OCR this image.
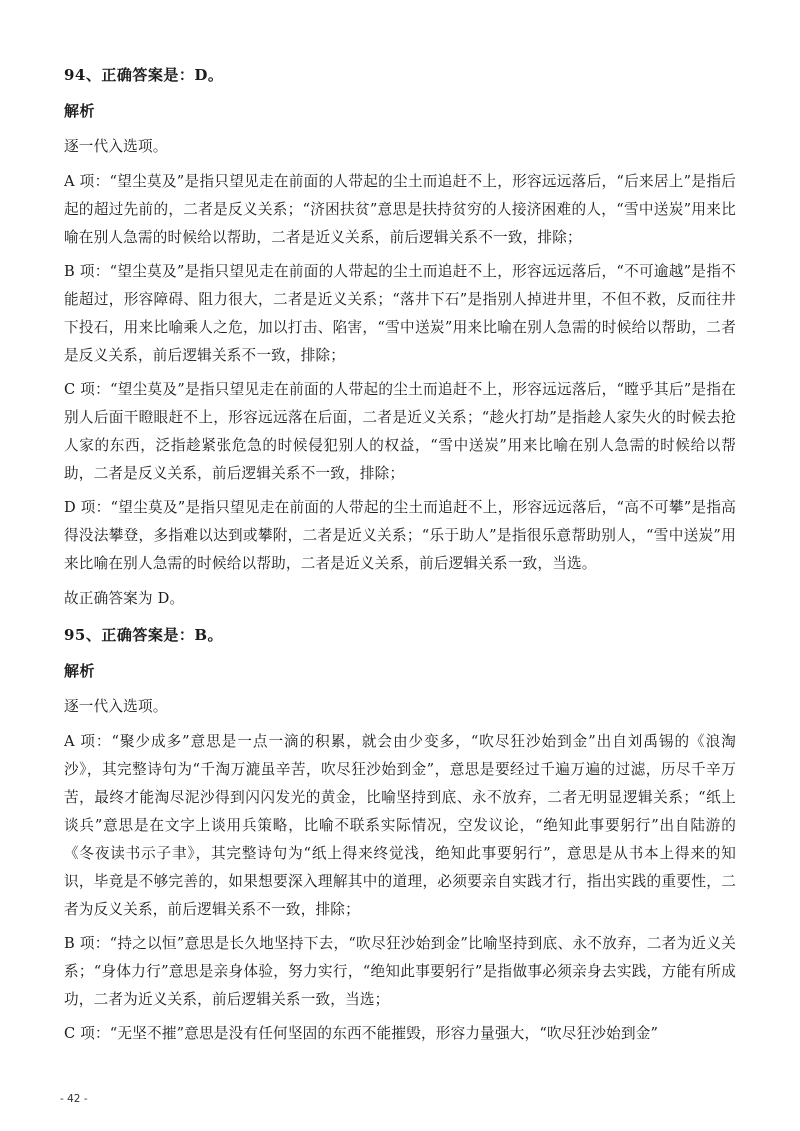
94、正确答案是：D。
解析
逐一代入选项。
A 项：“望尘莫及”是指只望见走在前面的人带起的尘土而追赶不上，形容远远落后，“后来居上”是指后起的超过先前的，二者是反义关系；“济困扶贫”意思是扶持贫穷的人接济困难的人，“雪中送炭”用来比喻在别人急需的时候给以帮助，二者是近义关系，前后逻辑关系不一致，排除；
B 项：“望尘莫及”是指只望见走在前面的人带起的尘土而追赶不上，形容远远落后，“不可逾越”是指不能超过，形容障碍、阻力很大，二者是近义关系；“落井下石”是指别人掉进井里，不但不救，反而往井下投石，用来比喻乘人之危，加以打击、陷害，“雪中送炭”用来比喻在别人急需的时候给以帮助，二者是反义关系，前后逻辑关系不一致，排除；
C 项：“望尘莫及”是指只望见走在前面的人带起的尘土而追赶不上，形容远远落后，“瞠乎其后”是指在别人后面干瞪眼赶不上，形容远远落在后面，二者是近义关系；“趁火打劫”是指趁人家失火的时候去抢人家的东西，泛指趁紧张危急的时候侵犯别人的权益，“雪中送炭”用来比喻在别人急需的时候给以帮助，二者是反义关系，前后逻辑关系不一致，排除；
D 项：“望尘莫及”是指只望见走在前面的人带起的尘土而追赶不上，形容远远落后，“高不可攀”是指高得没法攀登，多指难以达到或攀附，二者是近义关系；“乐于助人”是指很乐意帮助别人，“雪中送炭”用来比喻在别人急需的时候给以帮助，二者是近义关系，前后逻辑关系一致，当选。
故正确答案为 D。
95、正确答案是：B。
解析
逐一代入选项。
A 项：“聚少成多”意思是一点一滴的积累，就会由少变多，“吹尽狂沙始到金”出自刘禹锡的《浪淘沙》，其完整诗句为“千淘万漉虽辛苦，吹尽狂沙始到金”，意思是要经过千遍万遍的过滤，历尽千辛万苦，最终才能淘尽泥沙得到闪闪发光的黄金，比喻坚持到底、永不放弃，二者无明显逻辑关系；“纸上谈兵”意思是在文字上谈用兵策略，比喻不联系实际情况，空发议论，“绝知此事要躬行”出自陆游的《冬夜读书示子聿》，其完整诗句为“纸上得来终觉浅，绝知此事要躬行”，意思是从书本上得来的知识，毕竟是不够完善的，如果想要深入理解其中的道理，必须要亲自实践才行，指出实践的重要性，二者为反义关系，前后逻辑关系不一致，排除；
B 项：“持之以恒”意思是长久地坚持下去，“吹尽狂沙始到金”比喻坚持到底、永不放弃，二者为近义关系；“身体力行”意思是亲身体验，努力实行，“绝知此事要躬行”是指做事必须亲身去实践，方能有所成功，二者为近义关系，前后逻辑关系一致，当选；
C 项：“无坚不摧”意思是没有任何坚固的东西不能摧毁，形容力量强大，“吹尽狂沙始到金”
- 42 -
